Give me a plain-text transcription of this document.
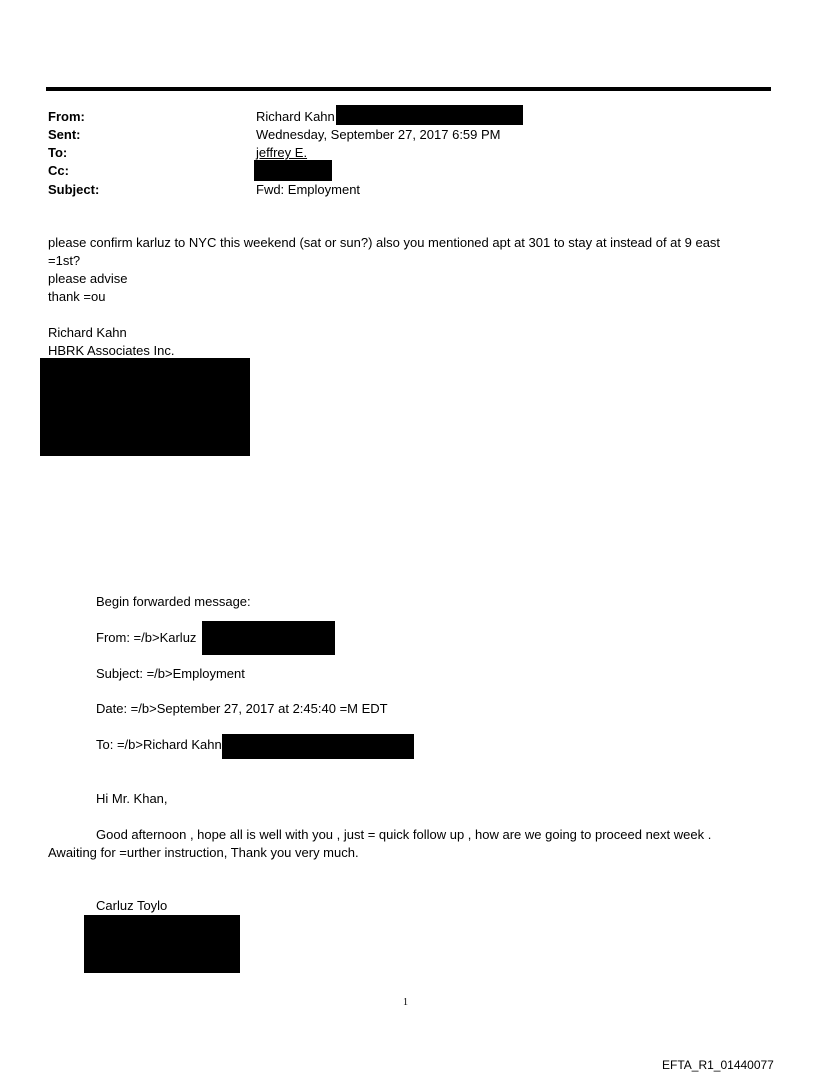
From:	Richard Kahn
Sent:	Wednesday, September 27, 2017 6:59 PM
To:	jeffrey E.
Cc:
Subject:	Fwd: Employment
please confirm karluz to NYC this weekend (sat or sun?) also you mentioned apt at 301 to stay at instead of at 9 east
=1st?
please advise
thank =ou
Richard Kahn
HBRK Associates Inc.
Begin forwarded message:
From: =/b>Karluz
Subject: =/b>Employment
Date: =/b>September 27, 2017 at 2:45:40 =M EDT
To: =/b>Richard Kahn
Hi Mr. Khan,
Good afternoon , hope all is well with you , just = quick follow up , how are we going to proceed next week .
Awaiting for =urther instruction, Thank you very much.
Carluz Toylo
1
EFTA_R1_01440077
